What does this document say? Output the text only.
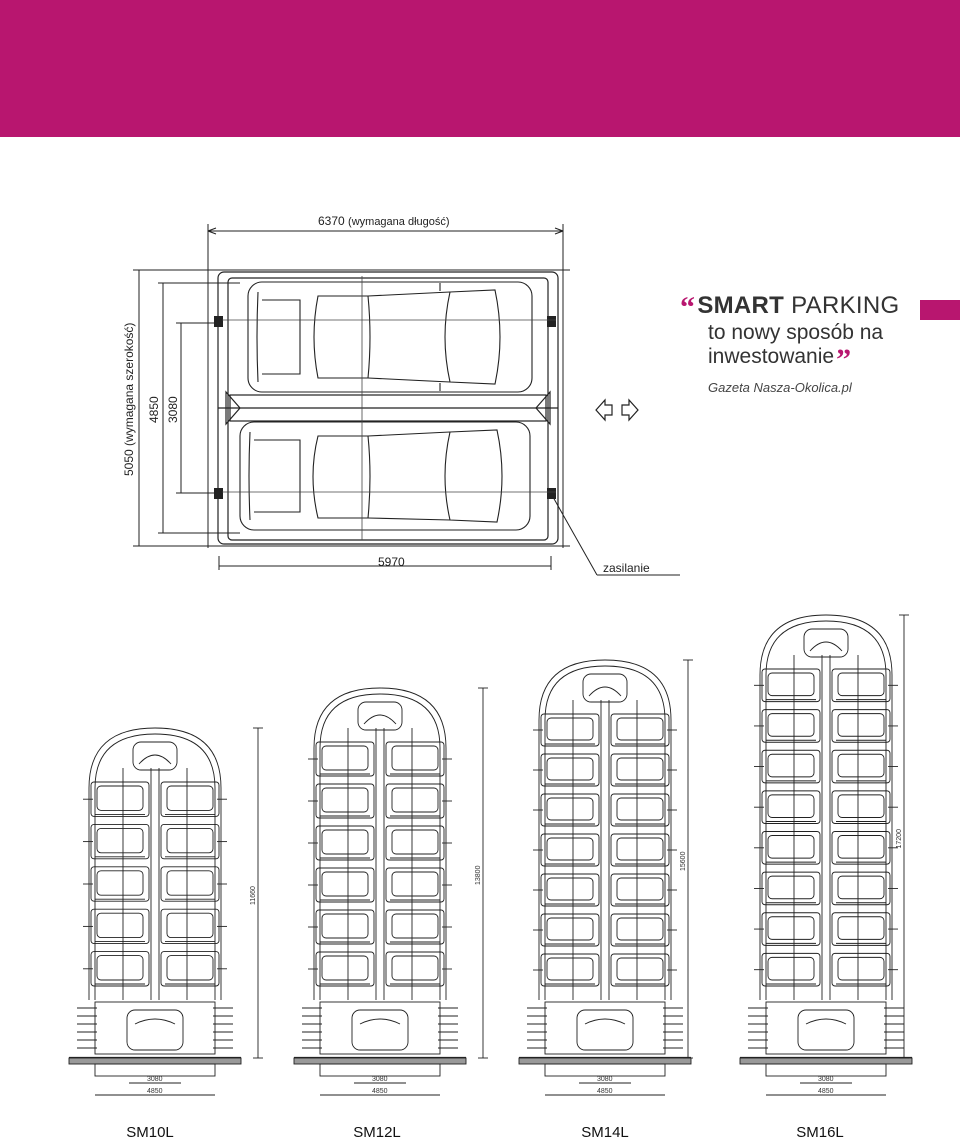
6370 (wymagana długość)
5050 (wymagana szerokość) 4850 3080
5970	zasilanie
“SMART PARKING
to nowy sposób na
inwestowanie”
Gazeta Nasza-Okolica.pl
11660
3080
4850
13800
3080
4850
15600
3080
4850
17200
3080
4850
SM10L	SM12L	SM14L	SM16L
